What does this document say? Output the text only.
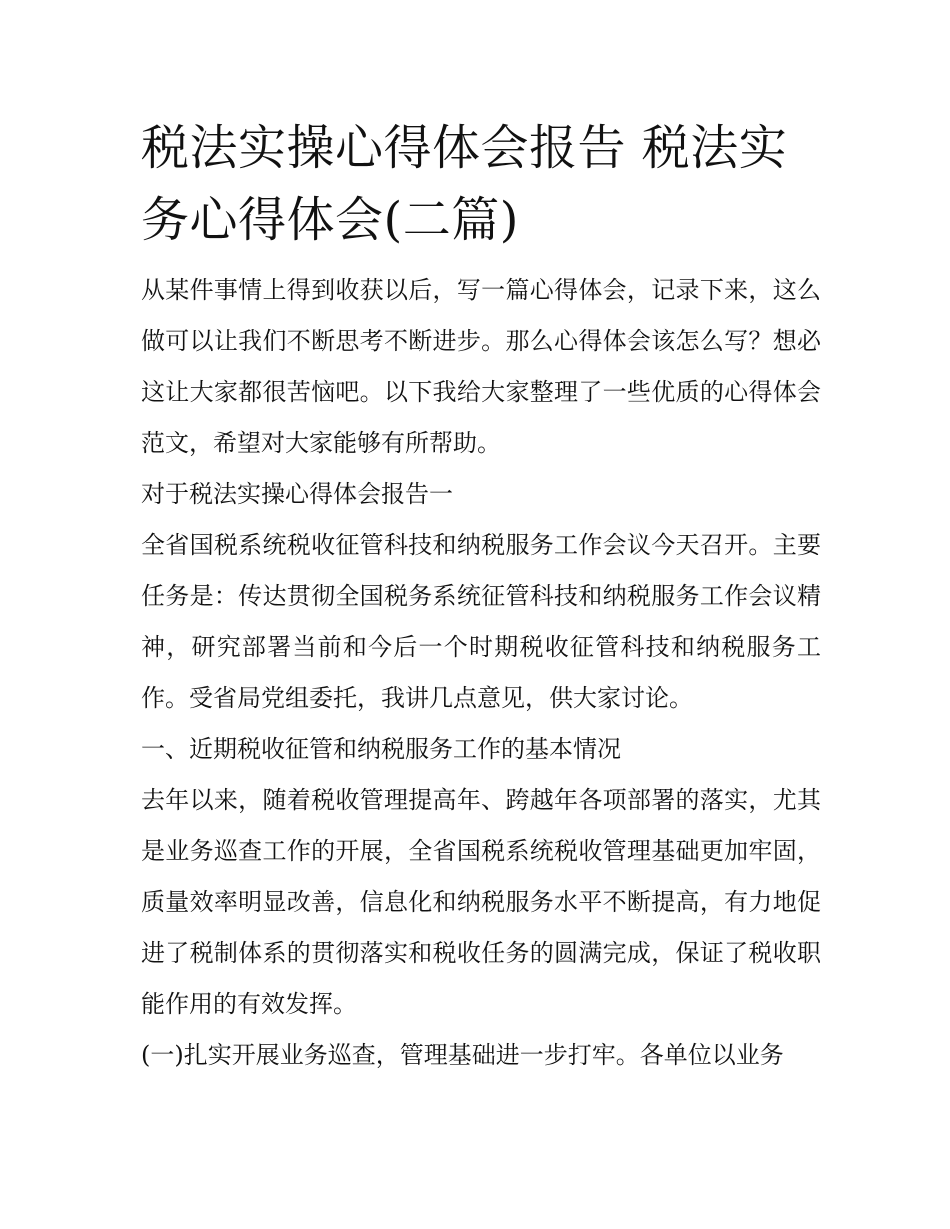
税法实操心得体会报告 税法实务心得体会(二篇)

从某件事情上得到收获以后，写一篇心得体会，记录下来，这么做可以让我们不断思考不断进步。那么心得体会该怎么写？想必这让大家都很苦恼吧。以下我给大家整理了一些优质的心得体会范文，希望对大家能够有所帮助。

对于税法实操心得体会报告一

全省国税系统税收征管科技和纳税服务工作会议今天召开。主要任务是：传达贯彻全国税务系统征管科技和纳税服务工作会议精神，研究部署当前和今后一个时期税收征管科技和纳税服务工作。受省局党组委托，我讲几点意见，供大家讨论。

一、近期税收征管和纳税服务工作的基本情况

去年以来，随着税收管理提高年、跨越年各项部署的落实，尤其是业务巡查工作的开展，全省国税系统税收管理基础更加牢固，质量效率明显改善，信息化和纳税服务水平不断提高，有力地促进了税制体系的贯彻落实和税收任务的圆满完成，保证了税收职能作用的有效发挥。

(一)扎实开展业务巡查，管理基础进一步打牢。各单位以业务
